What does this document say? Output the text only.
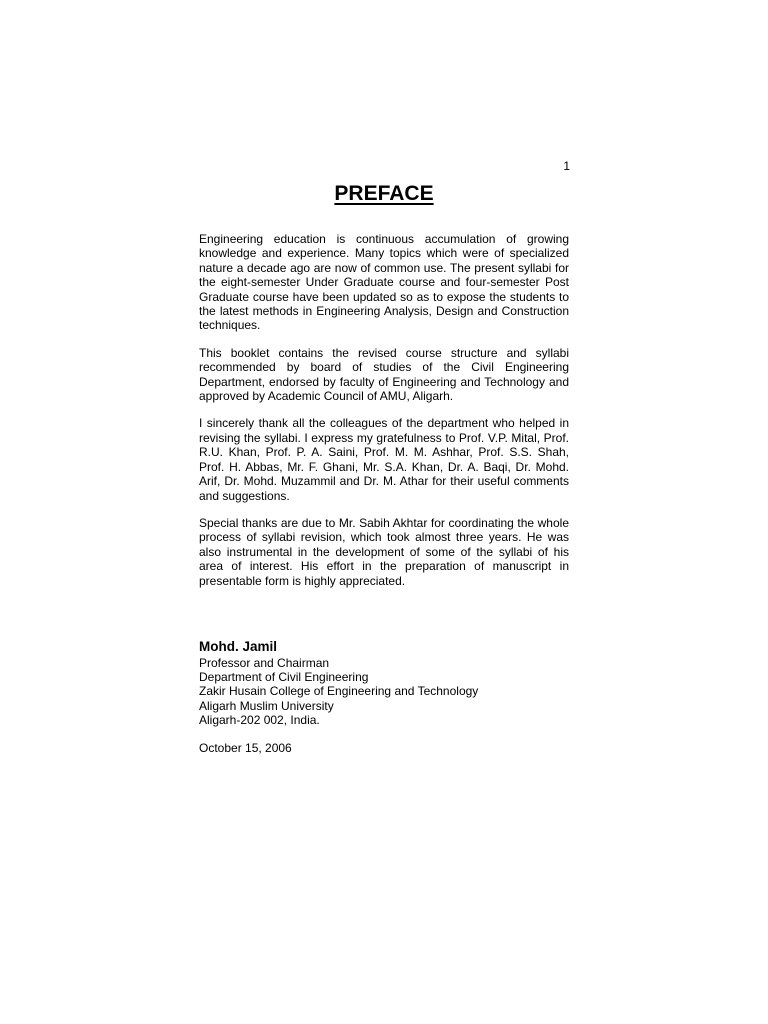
1
PREFACE

Engineering education is continuous accumulation of growing knowledge and experience. Many topics which were of specialized nature a decade ago are now of common use. The present syllabi for the eight-semester Under Graduate course and four-semester Post Graduate course have been updated so as to expose the students to the latest methods in Engineering Analysis, Design and Construction techniques.

This booklet contains the revised course structure and syllabi recommended by board of studies of the Civil Engineering Department, endorsed by faculty of Engineering and Technology and approved by Academic Council of AMU, Aligarh.

I sincerely thank all the colleagues of the department who helped in revising the syllabi. I express my gratefulness to Prof. V.P. Mital, Prof. R.U. Khan, Prof. P. A. Saini, Prof. M. M. Ashhar, Prof. S.S. Shah, Prof. H. Abbas, Mr. F. Ghani, Mr. S.A. Khan, Dr. A. Baqi, Dr. Mohd. Arif, Dr. Mohd. Muzammil and Dr. M. Athar for their useful comments and suggestions.

Special thanks are due to Mr. Sabih Akhtar for coordinating the whole process of syllabi revision, which took almost three years. He was also instrumental in the development of some of the syllabi of his area of interest. His effort in the preparation of manuscript in presentable form is highly appreciated.

Mohd. Jamil
Professor and Chairman
Department of Civil Engineering
Zakir Husain College of Engineering and Technology
Aligarh Muslim University
Aligarh-202 002, India.
October 15, 2006
